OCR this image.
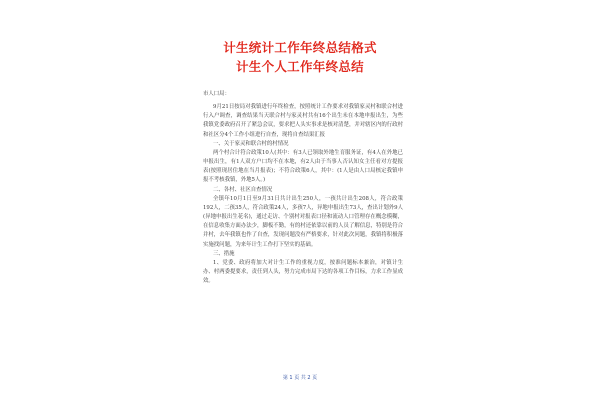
计生统计工作年终总结格式
计生个人工作年终总结

市人口局：

9月21日按局对我镇进行年终检查，按照统计工作要求对我镇家灵村和联合村进行入户调查，调查结果当天联合村与家灵村共有16个出生未在本地申报出生，为些我镇党委政府召开了紧急会议，要求把人头实事求是核对清楚，并对辖区内的行政村和社区分4个工作小组进行自查，现将自查结果汇报

一、关于家灵和联合村的村情况

两个村合计符合政策10人(其中：有3人已领取外地生育服务证，有4人在外地已申报出生，有1人双方户口均不在本地，有2人由于当事人否认知女主任看对方提报表(按照现居住地在当月报表)；不符合政策6人，其中：(1人是由人口局核定我镇申报不考核我镇，外地5人。)

二、各村、社区自查情况

全镇年10月1日至9月31日共计出生250人，一孩共计出生208人，符合政策192人，二孩35人，符合政策24人，多孩7人，异地申报出生73人，查出计划外9人(异地申报出生花名)，通过走访、个别村对报表口径和流动人口管理存在概念模糊，在信息收集方面办法少，脚板不勤，有的村还依靠以前的人员了解信息，特别是符合并村，去年我镇也作了自查，发现问题没有严格要求，针对此次问题，我镇将积极落实施找问题，为来年计生工作打下坚实的基础。

三、措施

1、党委、政府将加大对计生工作的重视力度，按准问题标本兼治，对镇计生办、村两委提要求，责任到人头，努力完成市局下达的各项工作目标，力求工作显成效。

第 1 页 共 2 页
